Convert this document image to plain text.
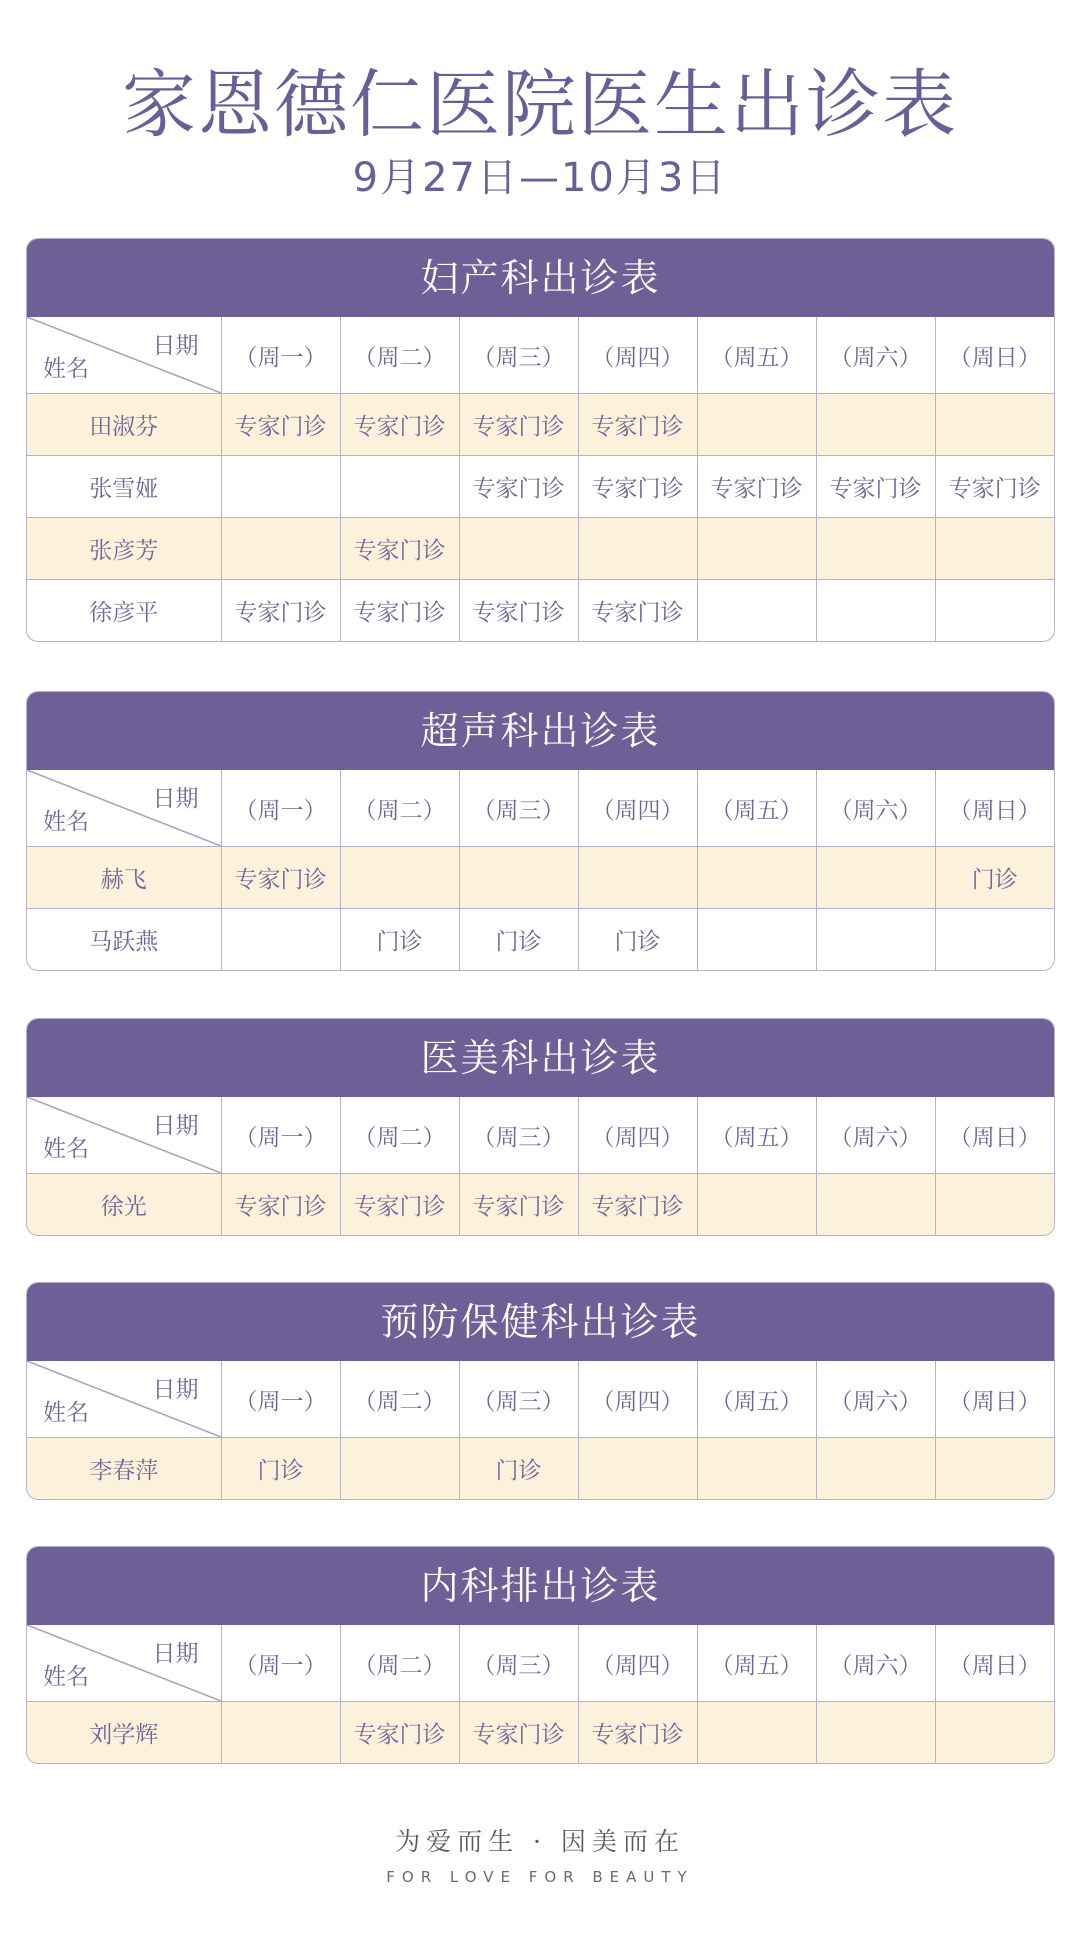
家恩德仁医院医生出诊表
9月27日—10月3日
妇产科出诊表
日期
姓名	（周一）	（周二）	（周三）	（周四）	（周五）	（周六）	（周日）
田淑芬	专家门诊	专家门诊	专家门诊	专家门诊			
张雪娅			专家门诊	专家门诊	专家门诊	专家门诊	专家门诊
张彦芳		专家门诊					
徐彦平	专家门诊	专家门诊	专家门诊	专家门诊			
超声科出诊表
日期
姓名	（周一）	（周二）	（周三）	（周四）	（周五）	（周六）	（周日）
赫飞	专家门诊						门诊
马跃燕		门诊	门诊	门诊			
医美科出诊表
日期
姓名	（周一）	（周二）	（周三）	（周四）	（周五）	（周六）	（周日）
徐光	专家门诊	专家门诊	专家门诊	专家门诊			
预防保健科出诊表
日期
姓名	（周一）	（周二）	（周三）	（周四）	（周五）	（周六）	（周日）
李春萍	门诊		门诊				
内科排出诊表
日期
姓名	（周一）	（周二）	（周三）	（周四）	（周五）	（周六）	（周日）
刘学辉		专家门诊	专家门诊	专家门诊			
为爱而生 · 因美而在
FOR LOVE FOR BEAUTY
